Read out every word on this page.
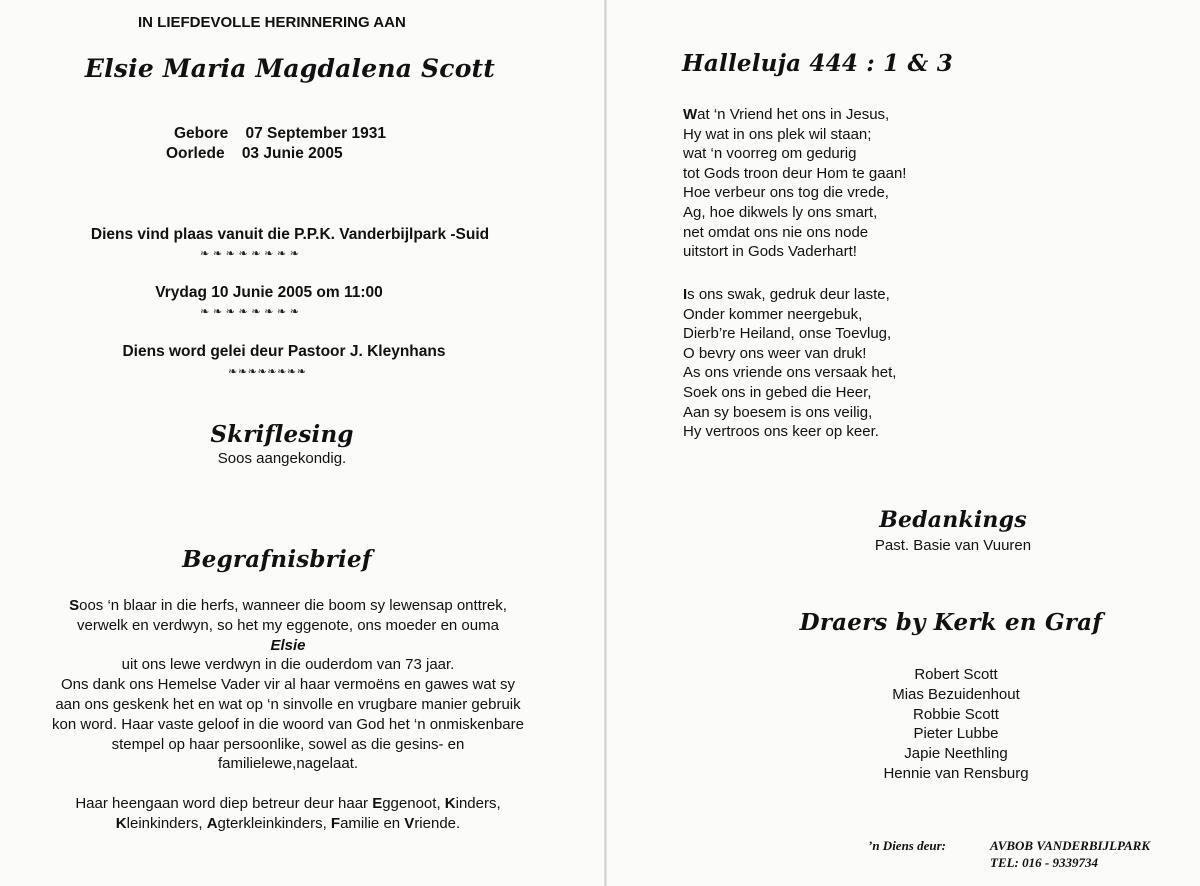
IN LIEFDEVOLLE HERINNERING AAN
Elsie Maria Magdalena Scott
Gebore 07 September 1931
Oorlede 03 Junie 2005
Diens vind plaas vanuit die P.P.K. Vanderbijlpark -Suid
❧❧❧❧❧❧❧❧
Vrydag 10 Junie 2005 om 11:00
❧❧❧❧❧❧❧❧
Diens word gelei deur Pastoor J. Kleynhans
❧❧❧❧❧❧❧❧
Skriflesing
Soos aangekondig.
Begrafnisbrief
Soos ‘n blaar in die herfs, wanneer die boom sy lewensap onttrek,
verwelk en verdwyn, so het my eggenote, ons moeder en ouma
Elsie
uit ons lewe verdwyn in die ouderdom van 73 jaar.
Ons dank ons Hemelse Vader vir al haar vermoëns en gawes wat sy
aan ons geskenk het en wat op ‘n sinvolle en vrugbare manier gebruik
kon word. Haar vaste geloof in die woord van God het ‘n onmiskenbare
stempel op haar persoonlike, sowel as die gesins- en
familielewe,nagelaat.
Haar heengaan word diep betreur deur haar Eggenoot, Kinders,
Kleinkinders, Agterkleinkinders, Familie en Vriende.
Halleluja 444 : 1 & 3
Wat ‘n Vriend het ons in Jesus,
Hy wat in ons plek wil staan;
wat ‘n voorreg om gedurig
tot Gods troon deur Hom te gaan!
Hoe verbeur ons tog die vrede,
Ag, hoe dikwels ly ons smart,
net omdat ons nie ons node
uitstort in Gods Vaderhart!
Is ons swak, gedruk deur laste,
Onder kommer neergebuk,
Dierb’re Heiland, onse Toevlug,
O bevry ons weer van druk!
As ons vriende ons versaak het,
Soek ons in gebed die Heer,
Aan sy boesem is ons veilig,
Hy vertroos ons keer op keer.
Bedankings
Past. Basie van Vuuren
Draers by Kerk en Graf
Robert Scott
Mias Bezuidenhout
Robbie Scott
Pieter Lubbe
Japie Neethling
Hennie van Rensburg
’n Diens deur:	AVBOB VANDERBIJLPARK
TEL: 016 - 9339734
